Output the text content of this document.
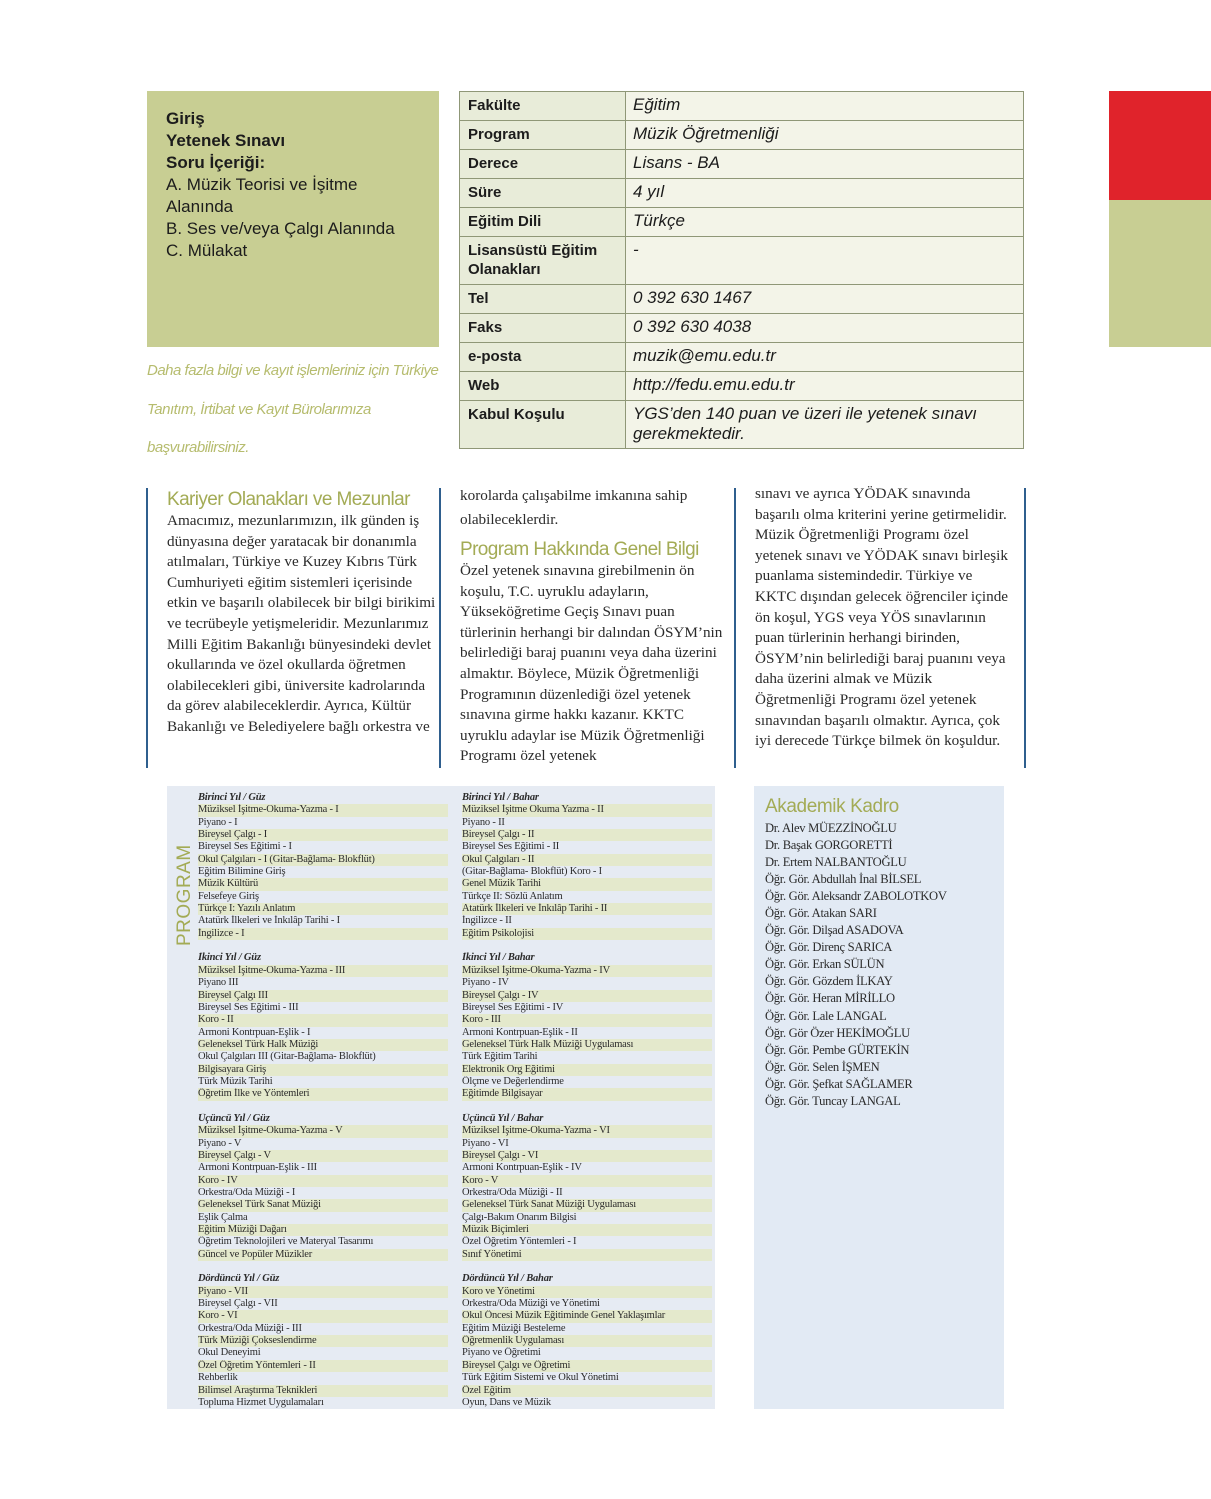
Giriş
Yetenek Sınavı
Soru İçeriği:
A. Müzik Teorisi ve İşitme Alanında
B. Ses ve/veya Çalgı Alanında
C. Mülakat
Daha fazla bilgi ve kayıt işlemleriniz için Türkiye Tanıtım, İrtibat ve Kayıt Bürolarımıza başvurabilirsiniz.
Fakülte	Eğitim
Program	Müzik Öğretmenliği
Derece	Lisans - BA
Süre	4 yıl
Eğitim Dili	Türkçe
Lisansüstü Eğitim Olanakları	-
Tel	0 392 630 1467
Faks	0 392 630 4038
e-posta	muzik@emu.edu.tr
Web	http://fedu.emu.edu.tr
Kabul Koşulu	YGS’den 140 puan ve üzeri ile yetenek sınavı gerekmektedir.
Kariyer Olanakları ve Mezunlar

Amacımız, mezunlarımızın, ilk günden iş dünyasına değer yaratacak bir donanımla atılmaları, Türkiye ve Kuzey Kıbrıs Türk Cumhuriyeti eğitim sistemleri içerisinde etkin ve başarılı olabilecek bir bilgi birikimi ve tecrübeyle yetişmeleridir. Mezunlarımız Milli Eğitim Bakanlığı bünyesindeki devlet okullarında ve özel okullarda öğretmen olabilecekleri gibi, üniversite kadrolarında da görev alabileceklerdir. Ayrıca, Kültür Bakanlığı ve Belediyelere bağlı orkestra ve

korolarda çalışabilme imkanına sahip olabileceklerdir.

Program Hakkında Genel Bilgi

Özel yetenek sınavına girebilmenin ön koşulu, T.C. uyruklu adayların, Yükseköğretime Geçiş Sınavı puan türlerinin herhangi bir dalından ÖSYM’nin belirlediği baraj puanını veya daha üzerini almaktır. Böylece, Müzik Öğretmenliği Programının düzenlediği özel yetenek sınavına girme hakkı kazanır. KKTC uyruklu adaylar ise Müzik Öğretmenliği Programı özel yetenek

sınavı ve ayrıca YÖDAK sınavında başarılı olma kriterini yerine getirmelidir. Müzik Öğretmenliği Programı özel yetenek sınavı ve YÖDAK sınavı birleşik puanlama sistemindedir. Türkiye ve KKTC dışından gelecek öğrenciler içinde ön koşul, YGS veya YÖS sınavlarının puan türlerinin herhangi birinden, ÖSYM’nin belirlediği baraj puanını veya daha üzerini almak ve Müzik Öğretmenliği Programı özel yetenek sınavından başarılı olmaktır. Ayrıca, çok iyi derecede Türkçe bilmek ön koşuldur.

PROGRAM
Birinci Yıl / Güz
Müziksel İşitme-Okuma-Yazma - I
Piyano - I
Bireysel Çalgı - I
Bireysel Ses Eğitimi - I
Okul Çalgıları - I (Gitar-Bağlama- Blokflüt)
Eğitim Bilimine Giriş
Müzik Kültürü
Felsefeye Giriş
Türkçe I: Yazılı Anlatım
Atatürk İlkeleri ve İnkılâp Tarihi - I
İngilizce - I
İkinci Yıl / Güz
Müziksel İşitme-Okuma-Yazma - III
Piyano III
Bireysel Çalgı III
Bireysel Ses Eğitimi - III
Koro - II
Armoni Kontrpuan-Eşlik - I
Geleneksel Türk Halk Müziği
Okul Çalgıları III (Gitar-Bağlama- Blokflüt)
Bilgisayara Giriş
Türk Müzik Tarihi
Öğretim İlke ve Yöntemleri
Üçüncü Yıl / Güz
Müziksel İşitme-Okuma-Yazma - V
Piyano - V
Bireysel Çalgı - V
Armoni Kontrpuan-Eşlik - III
Koro - IV
Orkestra/Oda Müziği - I
Geleneksel Türk Sanat Müziği
Eşlik Çalma
Eğitim Müziği Dağarı
Öğretim Teknolojileri ve Materyal Tasarımı
Güncel ve Popüler Müzikler
Dördüncü Yıl / Güz
Piyano - VII
Bireysel Çalgı - VII
Koro - VI
Orkestra/Oda Müziği - III
Türk Müziği Çokseslendirme
Okul Deneyimi
Özel Öğretim Yöntemleri - II
Rehberlik
Bilimsel Araştırma Teknikleri
Topluma Hizmet Uygulamaları
Birinci Yıl / Bahar
Müziksel İşitme Okuma Yazma - II
Piyano - II
Bireysel Çalgı - II
Bireysel Ses Eğitimi - II
Okul Çalgıları - II
(Gitar-Bağlama- Blokflüt) Koro - I
Genel Müzik Tarihi
Türkçe II: Sözlü Anlatım
Atatürk İlkeleri ve İnkılâp Tarihi - II
İngilizce - II
Eğitim Psikolojisi
İkinci Yıl / Bahar
Müziksel İşitme-Okuma-Yazma - IV
Piyano - IV
Bireysel Çalgı - IV
Bireysel Ses Eğitimi - IV
Koro - III
Armoni Kontrpuan-Eşlik - II
Geleneksel Türk Halk Müziği Uygulaması
Türk Eğitim Tarihi
Elektronik Org Eğitimi
Ölçme ve Değerlendirme
Eğitimde Bilgisayar
Üçüncü Yıl / Bahar
Müziksel İşitme-Okuma-Yazma - VI
Piyano - VI
Bireysel Çalgı - VI
Armoni Kontrpuan-Eşlik - IV
Koro - V
Orkestra/Oda Müziği - II
Geleneksel Türk Sanat Müziği Uygulaması
Çalgı-Bakım Onarım Bilgisi
Müzik Biçimleri
Özel Öğretim Yöntemleri - I
Sınıf Yönetimi
Dördüncü Yıl / Bahar
Koro ve Yönetimi
Orkestra/Oda Müziği ve Yönetimi
Okul Öncesi Müzik Eğitiminde Genel Yaklaşımlar
Eğitim Müziği Besteleme
Öğretmenlik Uygulaması
Piyano ve Öğretimi
Bireysel Çalgı ve Öğretimi
Türk Eğitim Sistemi ve Okul Yönetimi
Özel Eğitim
Oyun, Dans ve Müzik
Akademik Kadro
Dr. Alev MÜEZZİNOĞLU
Dr. Başak GORGORETTİ
Dr. Ertem NALBANTOĞLU
Öğr. Gör. Abdullah İnal BİLSEL
Öğr. Gör. Aleksandr ZABOLOTKOV
Öğr. Gör. Atakan SARI
Öğr. Gör. Dilşad ASADOVA
Öğr. Gör. Direnç SARICA
Öğr. Gör. Erkan SÜLÜN
Öğr. Gör. Gözdem İLKAY
Öğr. Gör. Heran MİRİLLO
Öğr. Gör. Lale LANGAL
Öğr. Gör Özer HEKİMOĞLU
Öğr. Gör. Pembe GÜRTEKİN
Öğr. Gör. Selen İŞMEN
Öğr. Gör. Şefkat SAĞLAMER
Öğr. Gör. Tuncay LANGAL
